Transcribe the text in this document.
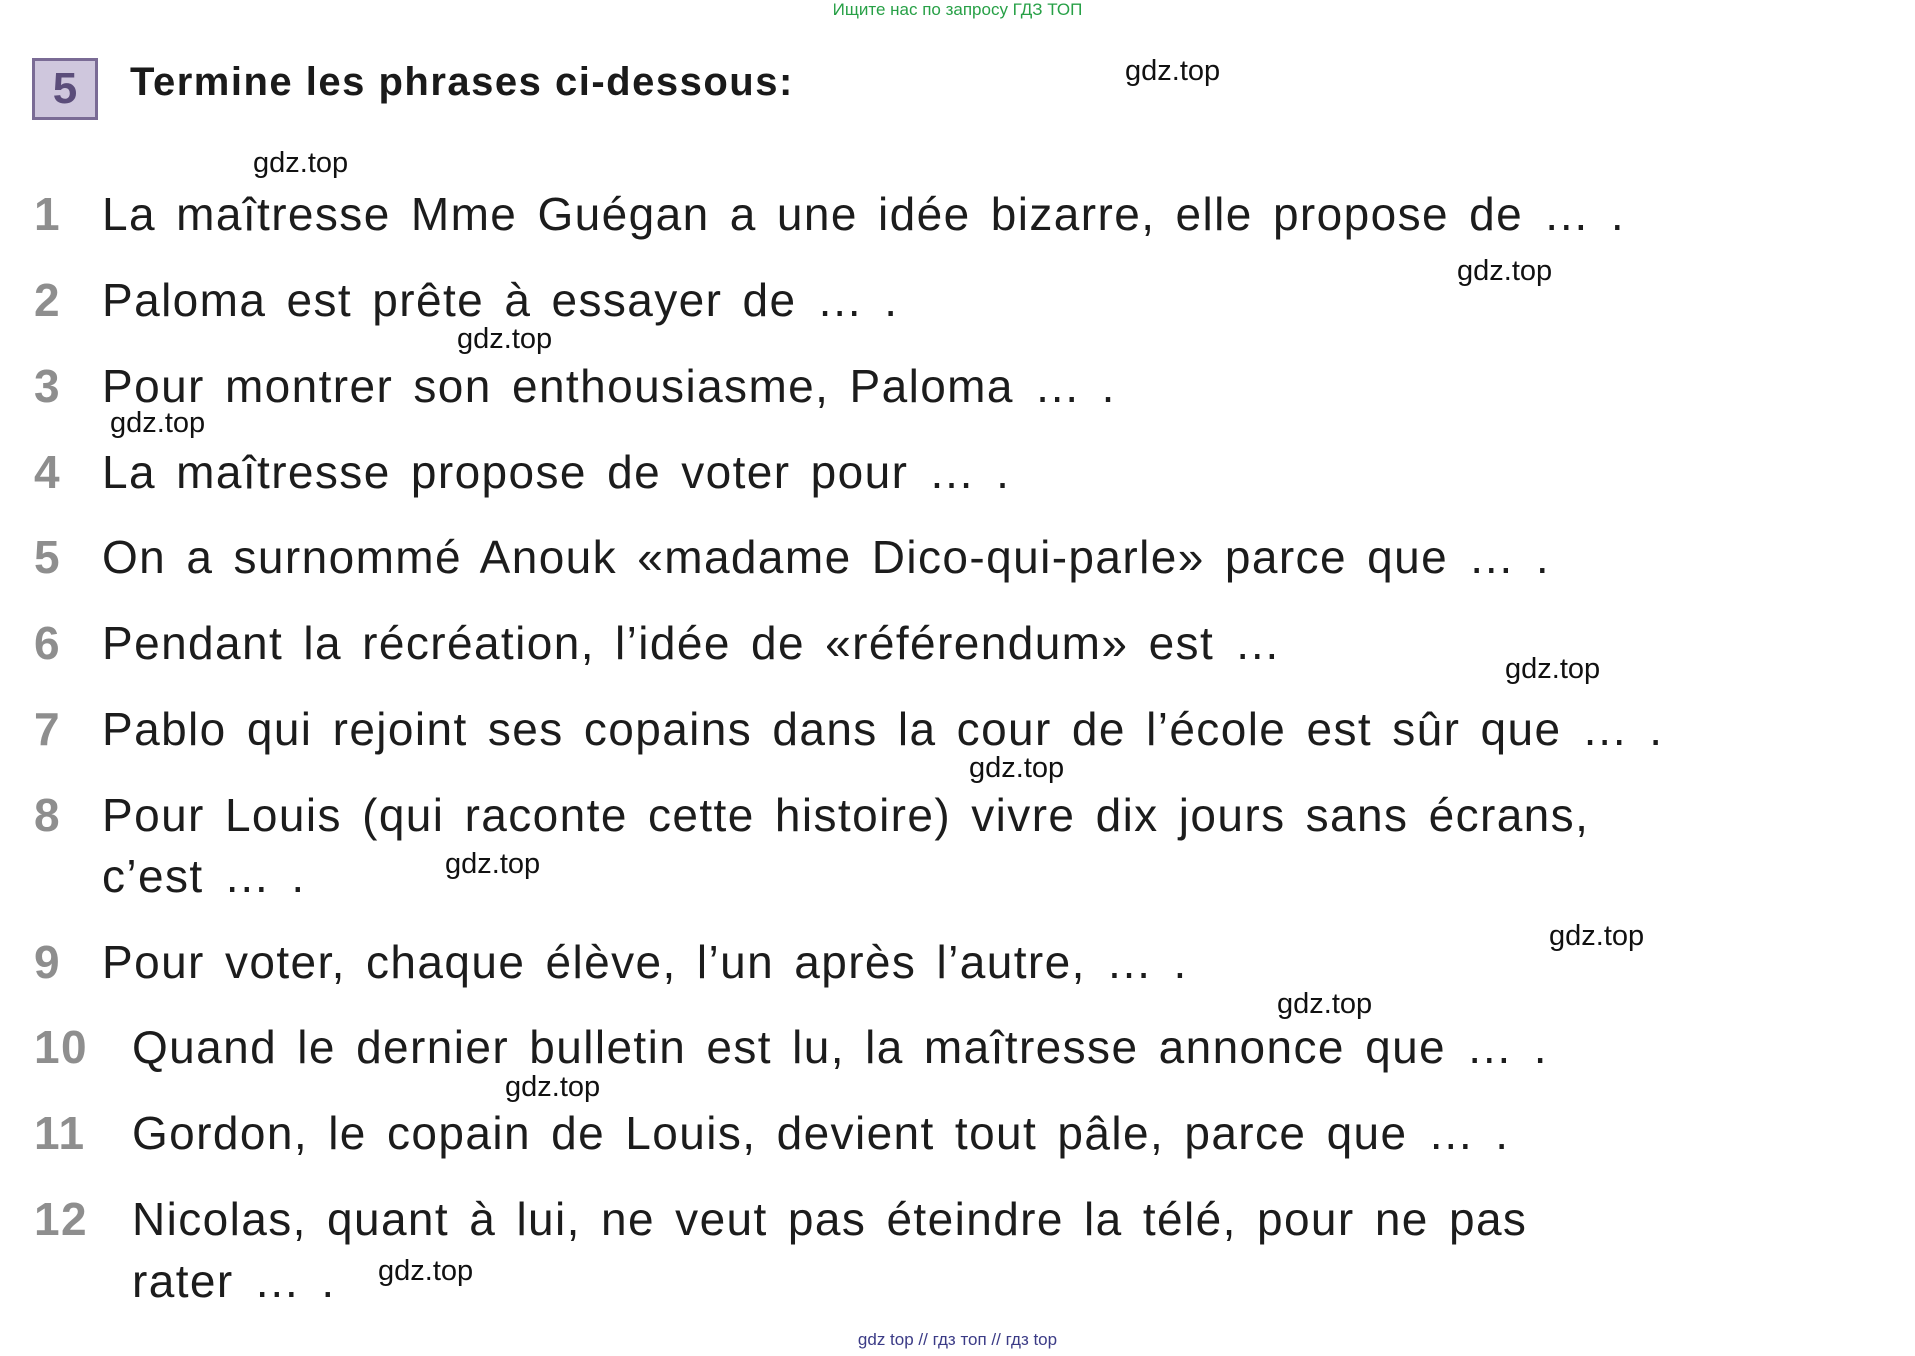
Ищите нас по запросу ГДЗ ТОП
5	Termine les phrases ci-dessous:
1 La maîtresse Mme Guégan a une idée bizarre, elle propose de … .
2 Paloma est prête à essayer de … .
3 Pour montrer son enthousiasme, Paloma … .
4 La maîtresse propose de voter pour … .
5 On a surnommé Anouk «madame Dico-qui-parle» parce que … .
6 Pendant la récréation, l’idée de «référendum» est …
7 Pablo qui rejoint ses copains dans la cour de l’école est sûr que … .
8 Pour Louis (qui raconte cette histoire) vivre dix jours sans écrans,
c’est … .
9 Pour voter, chaque élève, l’un après l’autre, … .
10 Quand le dernier bulletin est lu, la maîtresse annonce que … .
11 Gordon, le copain de Louis, devient tout pâle, parce que … .
12 Nicolas, quant à lui, ne veut pas éteindre la télé, pour ne pas
rater … .
gdz.top
gdz.top
gdz.top
gdz.top
gdz.top
gdz.top
gdz.top
gdz.top
gdz.top
gdz.top
gdz.top
gdz.top
gdz top // гдз топ // гдз top
